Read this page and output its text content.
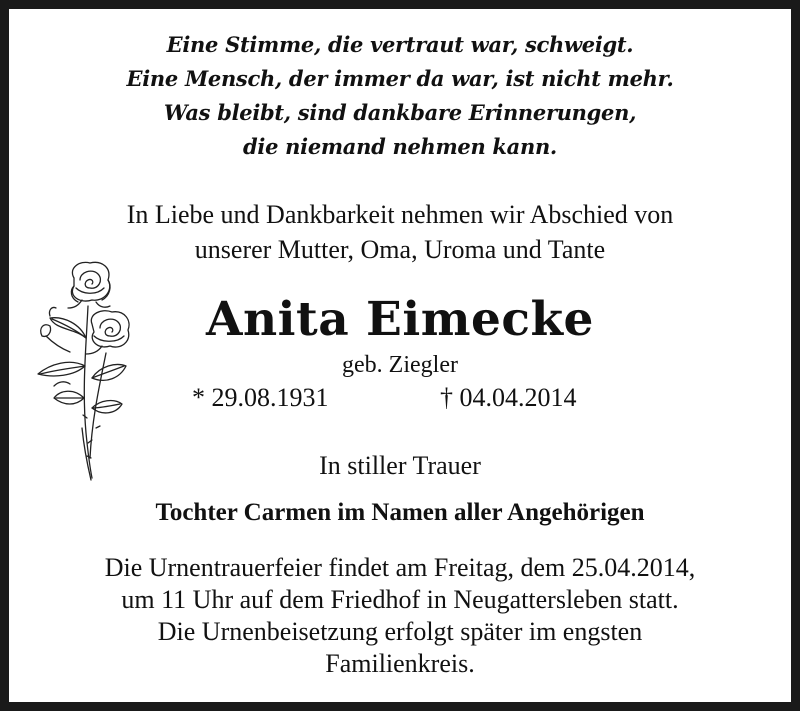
Eine Stimme, die vertraut war, schweigt.
Eine Mensch, der immer da war, ist nicht mehr.
Was bleibt, sind dankbare Erinnerungen,
die niemand nehmen kann.
In Liebe und Dankbarkeit nehmen wir Abschied von
unserer Mutter, Oma, Uroma und Tante
Anita Eimecke
geb. Ziegler
* 29.08.1931	† 04.04.2014
In stiller Trauer
Tochter Carmen im Namen aller Angehörigen
Die Urnentrauerfeier findet am Freitag, dem 25.04.2014,
um 11 Uhr auf dem Friedhof in Neugattersleben statt.
Die Urnenbeisetzung erfolgt später im engsten
Familienkreis.
